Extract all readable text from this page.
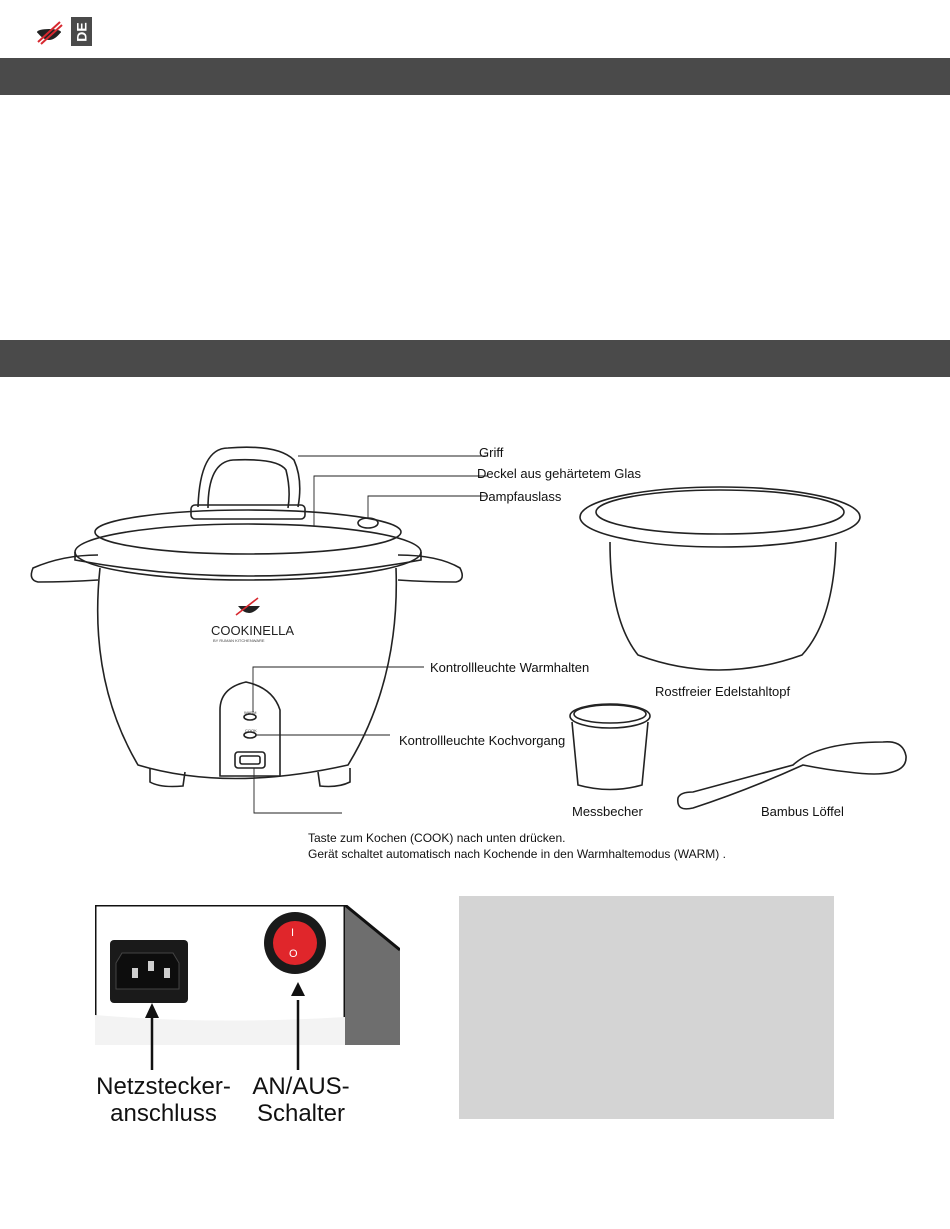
DE
COOKINELLA
BY RUMAN KITCHENWARE
WARM
COOK
Griff
Deckel aus gehärtetem Glas
Dampfauslass
Kontrollleuchte Warmhalten
Kontrollleuchte Kochvorgang
Rostfreier Edelstahltopf
Messbecher	Bambus Löffel
Taste zum Kochen (COOK) nach unten drücken.
Gerät schaltet automatisch nach Kochende in den Warmhaltemodus (WARM) .
I
O
Netzstecker-
anschluss
AN/AUS-
Schalter
